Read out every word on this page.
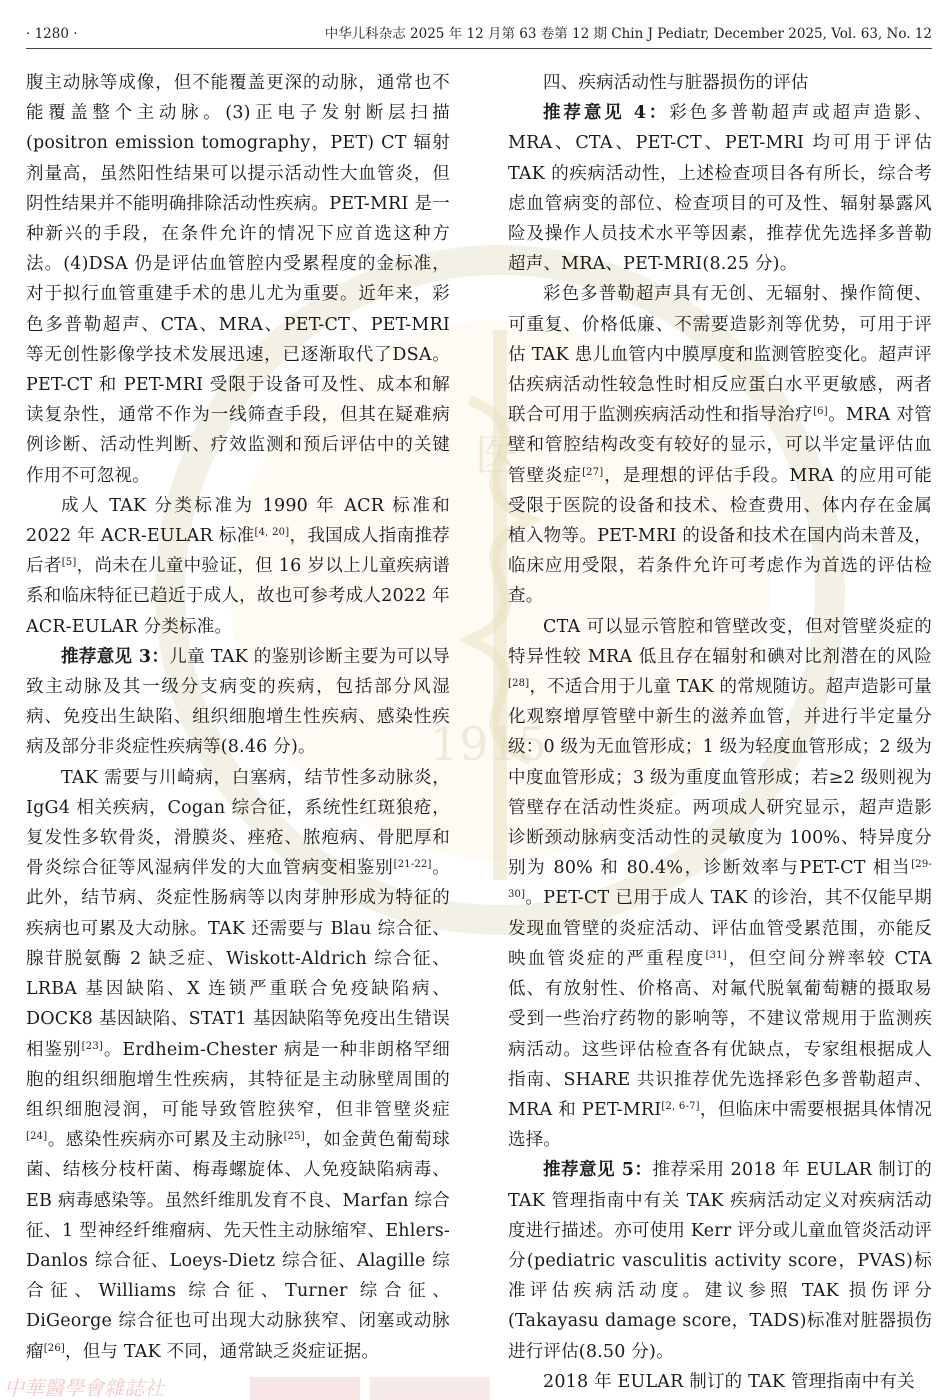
医
1915
· 1280 ·	中华儿科杂志 2025 年 12 月第 63 卷第 12 期 Chin J Pediatr, December 2025, Vol. 63, No. 12

腹主动脉等成像，但不能覆盖更深的动脉，通常也不能覆盖整个主动脉。(3)正电子发射断层扫描(positron emission tomography，PET) CT 辐射剂量高，虽然阳性结果可以提示活动性大血管炎，但阴性结果并不能明确排除活动性疾病。PET-MRI 是一种新兴的手段，在条件允许的情况下应首选这种方法。(4)DSA 仍是评估血管腔内受累程度的金标准，对于拟行血管重建手术的患儿尤为重要。近年来，彩色多普勒超声、CTA、MRA、PET-CT、PET-MRI 等无创性影像学技术发展迅速，已逐渐取代了DSA。PET-CT 和 PET-MRI 受限于设备可及性、成本和解读复杂性，通常不作为一线筛查手段，但其在疑难病例诊断、活动性判断、疗效监测和预后评估中的关键作用不可忽视。

成人 TAK 分类标准为 1990 年 ACR 标准和2022 年 ACR-EULAR 标准[4, 20]，我国成人指南推荐后者[5]，尚未在儿童中验证，但 16 岁以上儿童疾病谱系和临床特征已趋近于成人，故也可参考成人2022 年 ACR-EULAR 分类标准。

推荐意见 3：儿童 TAK 的鉴别诊断主要为可以导致主动脉及其一级分支病变的疾病，包括部分风湿病、免疫出生缺陷、组织细胞增生性疾病、感染性疾病及部分非炎症性疾病等(8.46 分)。

TAK 需要与川崎病，白塞病，结节性多动脉炎，IgG4 相关疾病，Cogan 综合征，系统性红斑狼疮，复发性多软骨炎，滑膜炎、痤疮、脓疱病、骨肥厚和骨炎综合征等风湿病伴发的大血管病变相鉴别[21-22]。此外，结节病、炎症性肠病等以肉芽肿形成为特征的疾病也可累及大动脉。TAK 还需要与 Blau 综合征、腺苷脱氨酶 2 缺乏症、Wiskott-Aldrich 综合征、LRBA 基因缺陷、X 连锁严重联合免疫缺陷病、DOCK8 基因缺陷、STAT1 基因缺陷等免疫出生错误相鉴别[23]。Erdheim-Chester 病是一种非朗格罕细胞的组织细胞增生性疾病，其特征是主动脉壁周围的组织细胞浸润，可能导致管腔狭窄，但非管壁炎症[24]。感染性疾病亦可累及主动脉[25]，如金黄色葡萄球菌、结核分枝杆菌、梅毒螺旋体、人免疫缺陷病毒、EB 病毒感染等。虽然纤维肌发育不良、Marfan 综合征、1 型神经纤维瘤病、先天性主动脉缩窄、Ehlers-Danlos 综合征、Loeys-Dietz 综合征、Alagille 综合征、Williams 综合征、Turner 综合征、DiGeorge 综合征也可出现大动脉狭窄、闭塞或动脉瘤[26]，但与 TAK 不同，通常缺乏炎症证据。

四、疾病活动性与脏器损伤的评估

推荐意见 4：彩色多普勒超声或超声造影、MRA、CTA、PET-CT、PET-MRI 均可用于评估 TAK 的疾病活动性，上述检查项目各有所长，综合考虑血管病变的部位、检查项目的可及性、辐射暴露风险及操作人员技术水平等因素，推荐优先选择多普勒超声、MRA、PET-MRI(8.25 分)。

彩色多普勒超声具有无创、无辐射、操作简便、可重复、价格低廉、不需要造影剂等优势，可用于评估 TAK 患儿血管内中膜厚度和监测管腔变化。超声评估疾病活动性较急性时相反应蛋白水平更敏感，两者联合可用于监测疾病活动性和指导治疗[6]。MRA 对管壁和管腔结构改变有较好的显示，可以半定量评估血管壁炎症[27]，是理想的评估手段。MRA 的应用可能受限于医院的设备和技术、检查费用、体内存在金属植入物等。PET-MRI 的设备和技术在国内尚未普及，临床应用受限，若条件允许可考虑作为首选的评估检查。

CTA 可以显示管腔和管壁改变，但对管壁炎症的特异性较 MRA 低且存在辐射和碘对比剂潜在的风险[28]，不适合用于儿童 TAK 的常规随访。超声造影可量化观察增厚管壁中新生的滋养血管，并进行半定量分级：0 级为无血管形成；1 级为轻度血管形成；2 级为中度血管形成；3 级为重度血管形成；若≥2 级则视为管壁存在活动性炎症。两项成人研究显示，超声造影诊断颈动脉病变活动性的灵敏度为 100%、特异度分别为 80% 和 80.4%，诊断效率与PET-CT 相当[29-30]。PET-CT 已用于成人 TAK 的诊治，其不仅能早期发现血管壁的炎症活动、评估血管受累范围，亦能反映血管炎症的严重程度[31]，但空间分辨率较 CTA 低、有放射性、价格高、对氟代脱氧葡萄糖的摄取易受到一些治疗药物的影响等，不建议常规用于监测疾病活动。这些评估检查各有优缺点，专家组根据成人指南、SHARE 共识推荐优先选择彩色多普勒超声、MRA 和 PET-MRI[2, 6-7]，但临床中需要根据具体情况选择。

推荐意见 5：推荐采用 2018 年 EULAR 制订的TAK 管理指南中有关 TAK 疾病活动定义对疾病活动度进行描述。亦可使用 Kerr 评分或儿童血管炎活动评分(pediatric vasculitis activity score，PVAS)标准评估疾病活动度。建议参照 TAK 损伤评分(Takayasu damage score，TADS)标准对脏器损伤进行评估(8.50 分)。

2018 年 EULAR 制订的 TAK 管理指南中有关

中華醫學會雜誌社
